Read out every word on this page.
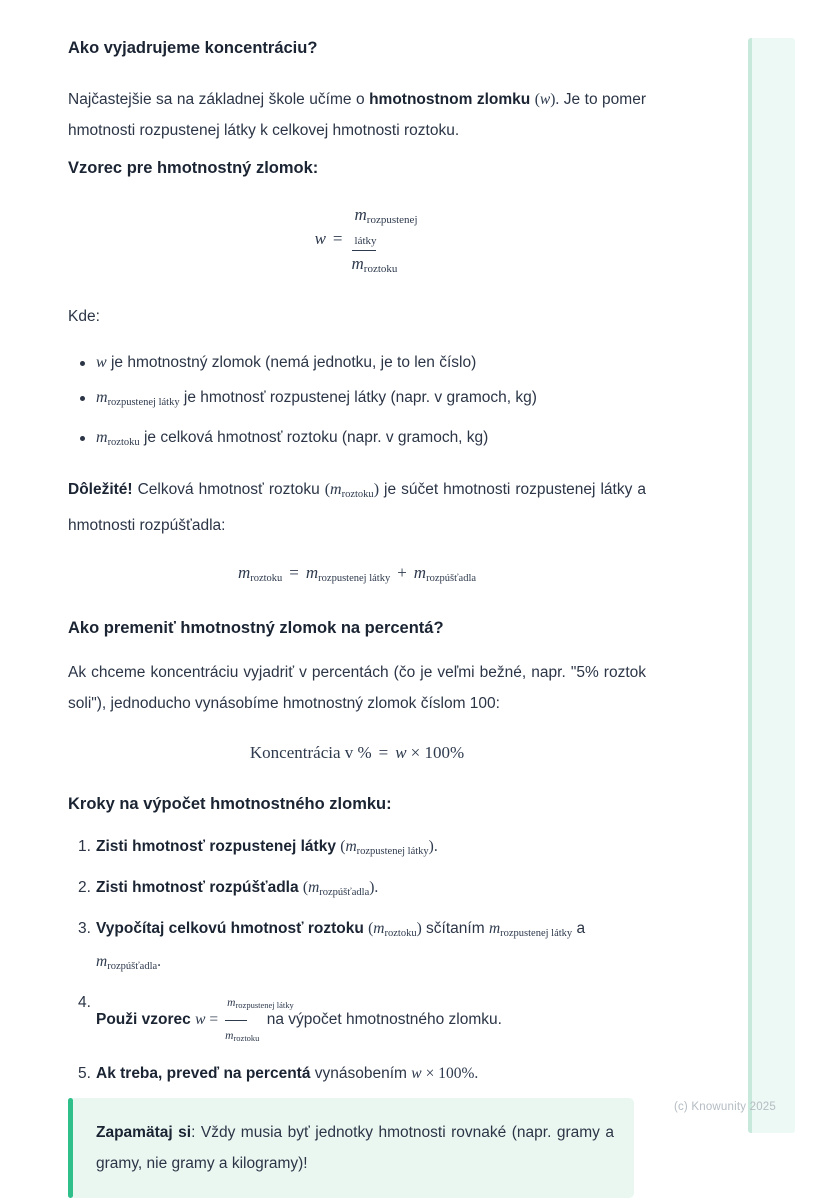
Ako vyjadrujeme koncentráciu?

Najčastejšie sa na základnej škole učíme o hmotnostnom zlomku (w). Je to pomer hmotnosti rozpustenej látky k celkovej hmotnosti roztoku.

Vzorec pre hmotnostný zlomok:
$w = \frac{\text{mrozpustenej látky}}{\text{mroztoku}}$

Kde:

w je hmotnostný zlomok (nemá jednotku, je to len číslo)
mrozpustenej látky je hmotnosť rozpustenej látky (napr. v gramoch, kg)
mroztoku je celková hmotnosť roztoku (napr. v gramoch, kg)

Dôležité! Celková hmotnosť roztoku (mroztoku) je súčet hmotnosti rozpustenej látky a hmotnosti rozpúšťadla:

mroztoku = mrozpustenej látky + mrozpúšťadla
Ako premeniť hmotnostný zlomok na percentá?

Ak chceme koncentráciu vyjadriť v percentách (čo je veľmi bežné, napr. "5% roztok soli"), jednoducho vynásobíme hmotnostný zlomok číslom 100:

Koncentrácia v % = w × 100%
Kroky na výpočet hmotnostného zlomku:
1. Zisti hmotnosť rozpustenej látky (mrozpustenej látky).
2. Zisti hmotnosť rozpúšťadla (mrozpúšťadla).
3. Vypočítaj celkovú hmotnosť roztoku (mroztoku) sčítaním mrozpustenej látky a mrozpúšťadla.
4.
Použi vzorec $w = \frac{\text{mrozpustenej látky}}{\text{mroztoku}}$ na výpočet hmotnostného zlomku.
5. Ak treba, preveď na percentá vynásobením w × 100%.

Zapamätaj si: Vždy musia byť jednotky hmotnosti rovnaké (napr. gramy a gramy, nie gramy a kilogramy)!

(c) Knowunity 2025
